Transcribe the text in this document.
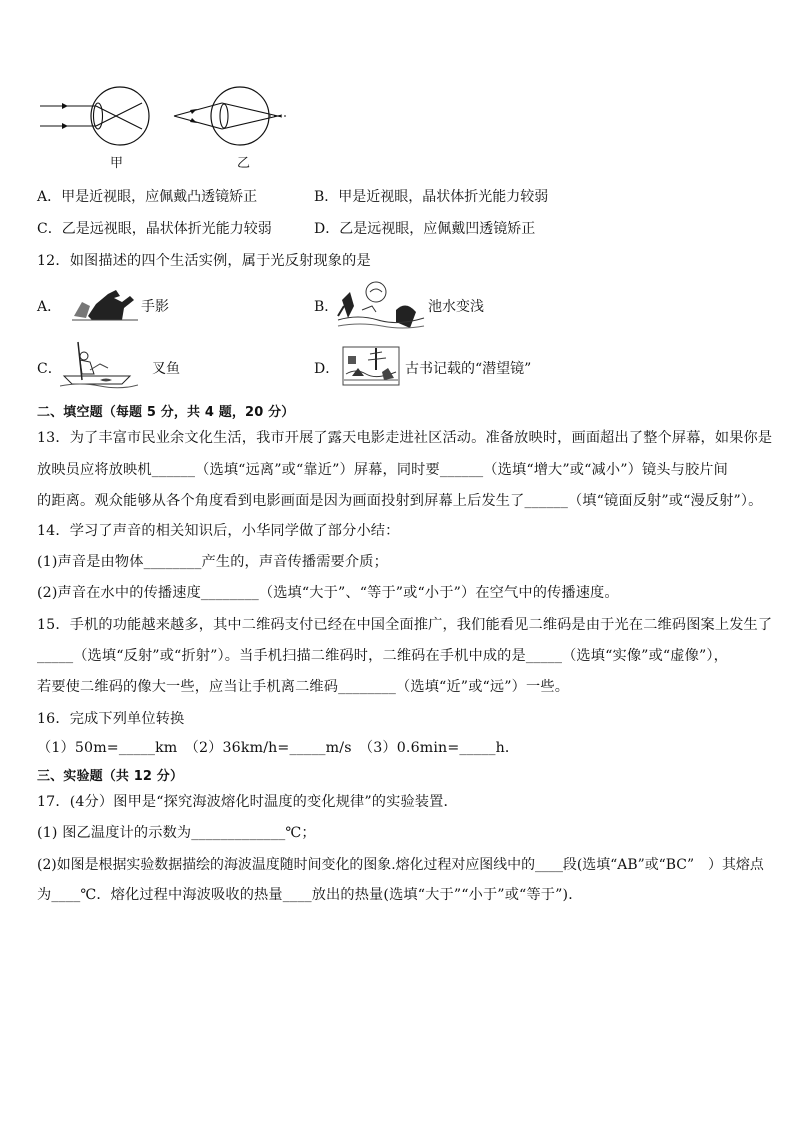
甲	乙
A．甲是近视眼，应佩戴凸透镜矫正	B．甲是近视眼，晶状体折光能力较弱
C．乙是远视眼，晶状体折光能力较弱	D．乙是远视眼，应佩戴凹透镜矫正
12．如图描述的四个生活实例，属于光反射现象的是
A．	手影	B．	池水变浅
C．	叉鱼	D．	古书记载的“潜望镜”
二、填空题（每题 5 分，共 4 题，20 分）
13．为了丰富市民业余文化生活，我市开展了露天电影走进社区活动。准备放映时，画面超出了整个屏幕，如果你是
放映员应将放映机______（选填“远离”或“靠近”）屏幕，同时要______（选填“增大”或“减小”）镜头与胶片间
的距离。观众能够从各个角度看到电影画面是因为画面投射到屏幕上后发生了______（填“镜面反射”或“漫反射”）。
14．学习了声音的相关知识后，小华同学做了部分小结：
(1)声音是由物体________产生的，声音传播需要介质；
(2)声音在水中的传播速度________（选填“大于”、“等于”或“小于”）在空气中的传播速度。
15．手机的功能越来越多，其中二维码支付已经在中国全面推广，我们能看见二维码是由于光在二维码图案上发生了
_____（选填“反射”或“折射”）。当手机扫描二维码时，二维码在手机中成的是_____（选填“实像”或“虚像”），
若要使二维码的像大一些，应当让手机离二维码________（选填“近”或“远”）一些。
16．完成下列单位转换
（1）50m=_____km　（2）36km/h=_____m/s　（3）0.6min=_____h．
三、实验题（共 12 分）
17．(4分）图甲是“探究海波熔化时温度的变化规律”的实验装置．
(1) 图乙温度计的示数为_____________℃；
(2)如图是根据实验数据描绘的海波温度随时间变化的图象.熔化过程对应图线中的____段(选填“AB”或“BC”　）其熔点
为____℃．熔化过程中海波吸收的热量____放出的热量(选填“大于”“小于”或“等于”)．
